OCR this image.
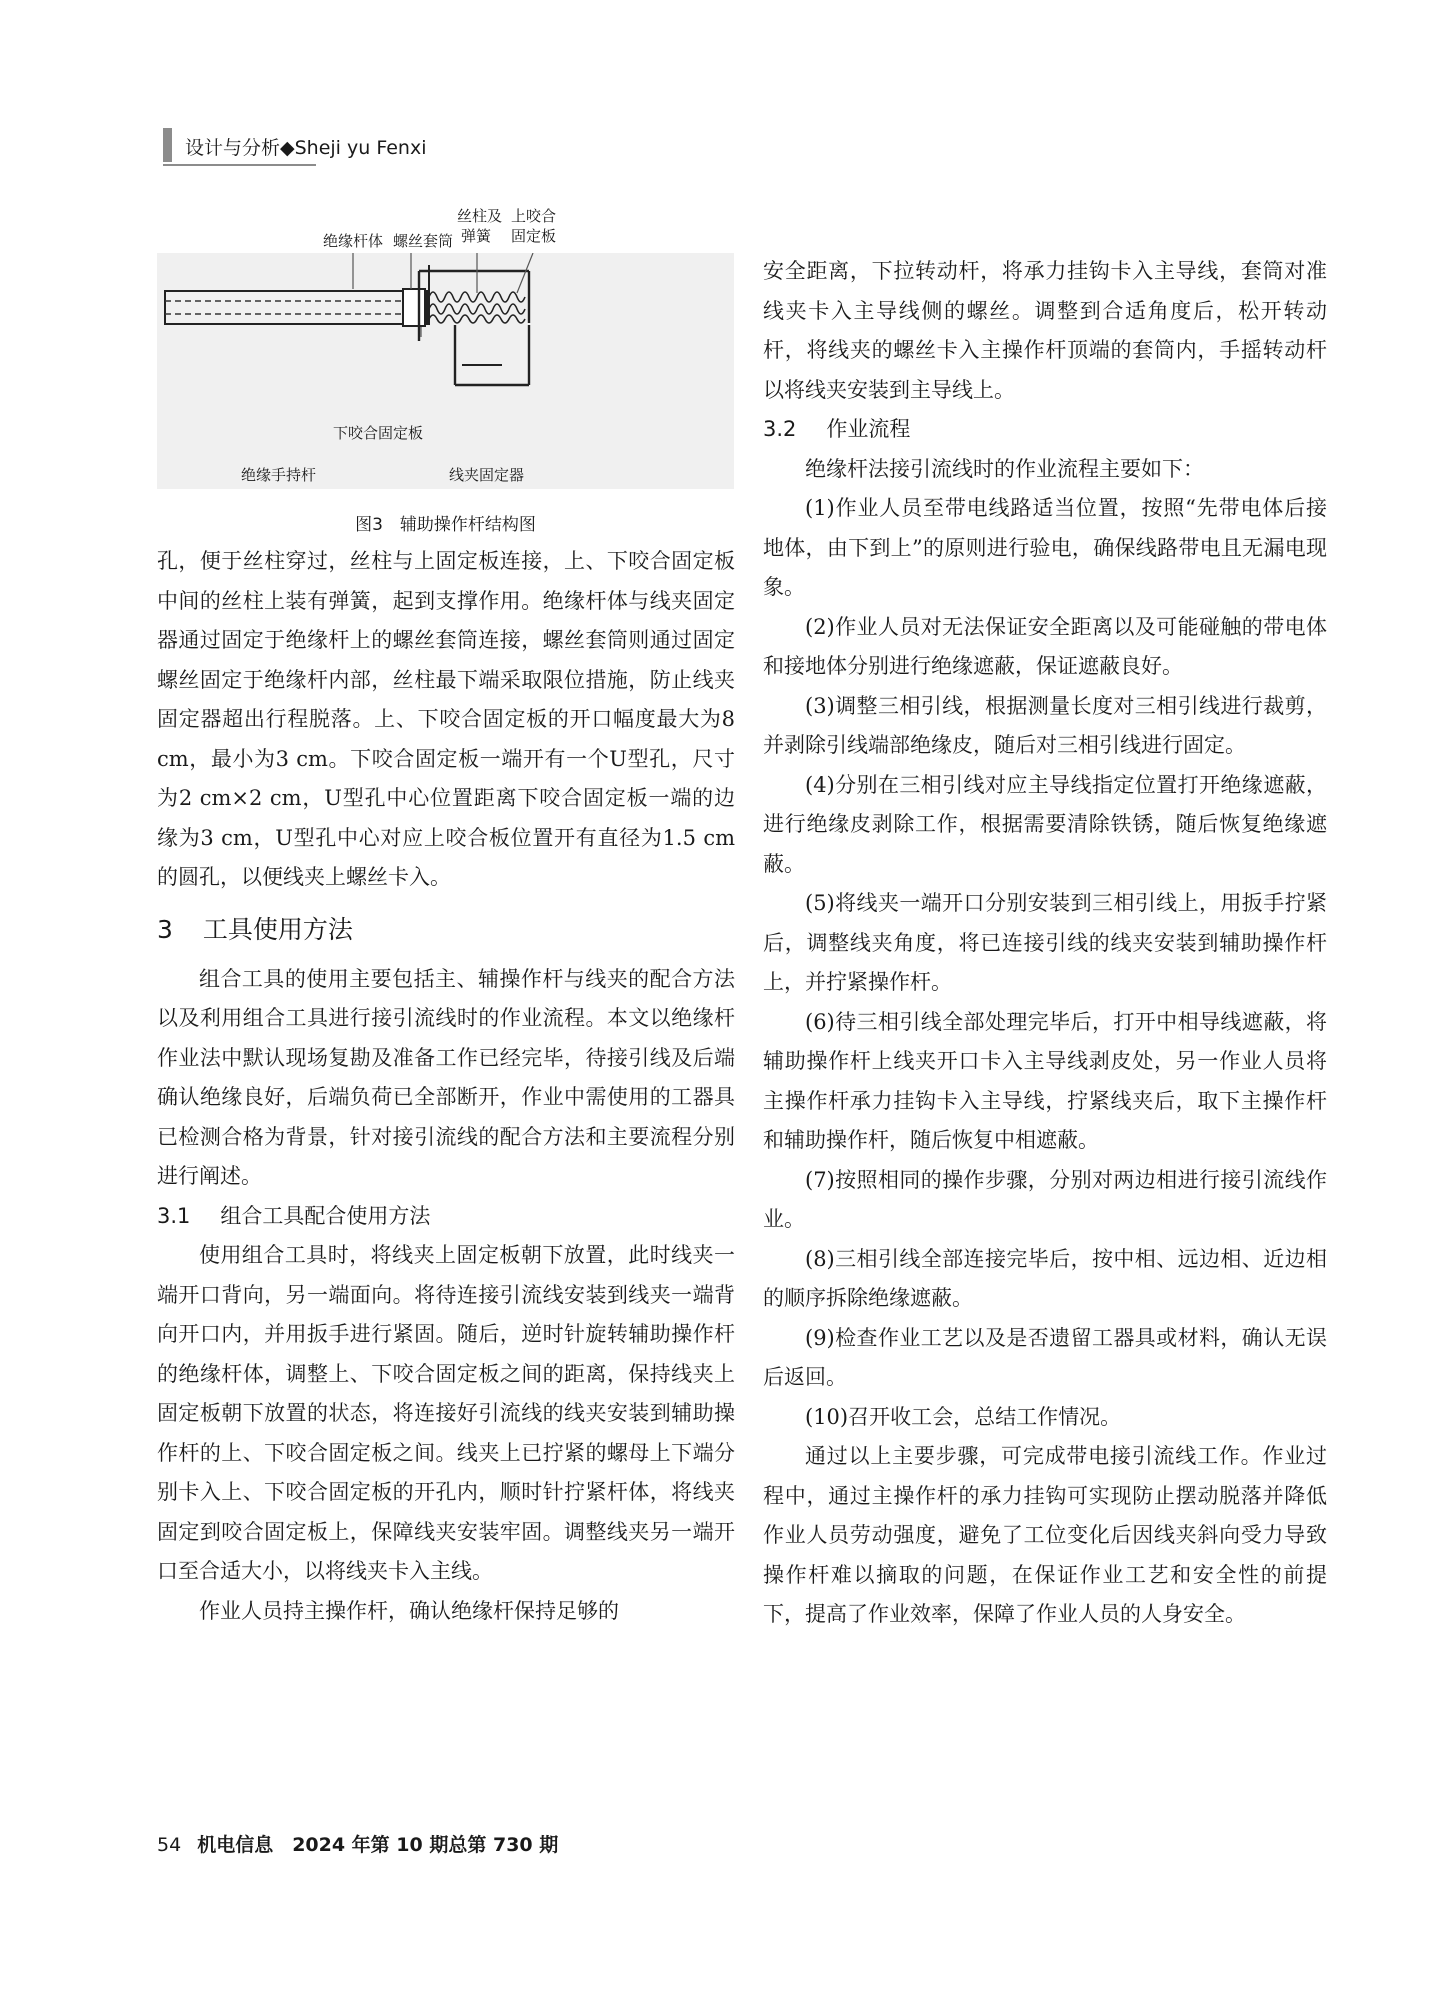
设计与分析◆Sheji yu Fenxi
绝缘杆体 螺丝套筒
丝柱及
弹簧
上咬合
固定板
下咬合固定板
绝缘手持杆	线夹固定器
图3　辅助操作杆结构图

孔，便于丝柱穿过，丝柱与上固定板连接，上、下咬合固定板中间的丝柱上装有弹簧，起到支撑作用。绝缘杆体与线夹固定器通过固定于绝缘杆上的螺丝套筒连接，螺丝套筒则通过固定螺丝固定于绝缘杆内部，丝柱最下端采取限位措施，防止线夹固定器超出行程脱落。上、下咬合固定板的开口幅度最大为8 cm，最小为3 cm。下咬合固定板一端开有一个U型孔，尺寸为2 cm×2 cm，U型孔中心位置距离下咬合固定板一端的边缘为3 cm，U型孔中心对应上咬合板位置开有直径为1.5 cm的圆孔，以便线夹上螺丝卡入。

3 工具使用方法

组合工具的使用主要包括主、辅操作杆与线夹的配合方法以及利用组合工具进行接引流线时的作业流程。本文以绝缘杆作业法中默认现场复勘及准备工作已经完毕，待接引线及后端确认绝缘良好，后端负荷已全部断开，作业中需使用的工器具已检测合格为背景，针对接引流线的配合方法和主要流程分别进行阐述。

3.1 组合工具配合使用方法

使用组合工具时，将线夹上固定板朝下放置，此时线夹一端开口背向，另一端面向。将待连接引流线安装到线夹一端背向开口内，并用扳手进行紧固。随后，逆时针旋转辅助操作杆的绝缘杆体，调整上、下咬合固定板之间的距离，保持线夹上固定板朝下放置的状态，将连接好引流线的线夹安装到辅助操作杆的上、下咬合固定板之间。线夹上已拧紧的螺母上下端分别卡入上、下咬合固定板的开孔内，顺时针拧紧杆体，将线夹固定到咬合固定板上，保障线夹安装牢固。调整线夹另一端开口至合适大小，以将线夹卡入主线。

作业人员持主操作杆，确认绝缘杆保持足够的

安全距离，下拉转动杆，将承力挂钩卡入主导线，套筒对准线夹卡入主导线侧的螺丝。调整到合适角度后，松开转动杆，将线夹的螺丝卡入主操作杆顶端的套筒内，手摇转动杆以将线夹安装到主导线上。

3.2 作业流程

绝缘杆法接引流线时的作业流程主要如下：

(1)作业人员至带电线路适当位置，按照“先带电体后接地体，由下到上”的原则进行验电，确保线路带电且无漏电现象。

(2)作业人员对无法保证安全距离以及可能碰触的带电体和接地体分别进行绝缘遮蔽，保证遮蔽良好。

(3)调整三相引线，根据测量长度对三相引线进行裁剪，并剥除引线端部绝缘皮，随后对三相引线进行固定。

(4)分别在三相引线对应主导线指定位置打开绝缘遮蔽，进行绝缘皮剥除工作，根据需要清除铁锈，随后恢复绝缘遮蔽。

(5)将线夹一端开口分别安装到三相引线上，用扳手拧紧后，调整线夹角度，将已连接引线的线夹安装到辅助操作杆上，并拧紧操作杆。

(6)待三相引线全部处理完毕后，打开中相导线遮蔽，将辅助操作杆上线夹开口卡入主导线剥皮处，另一作业人员将主操作杆承力挂钩卡入主导线，拧紧线夹后，取下主操作杆和辅助操作杆，随后恢复中相遮蔽。

(7)按照相同的操作步骤，分别对两边相进行接引流线作业。

(8)三相引线全部连接完毕后，按中相、远边相、近边相的顺序拆除绝缘遮蔽。

(9)检查作业工艺以及是否遗留工器具或材料，确认无误后返回。

(10)召开收工会，总结工作情况。

通过以上主要步骤，可完成带电接引流线工作。作业过程中，通过主操作杆的承力挂钩可实现防止摆动脱落并降低作业人员劳动强度，避免了工位变化后因线夹斜向受力导致操作杆难以摘取的问题，在保证作业工艺和安全性的前提下，提高了作业效率，保障了作业人员的人身安全。

54 机电信息　2024 年第 10 期总第 730 期
